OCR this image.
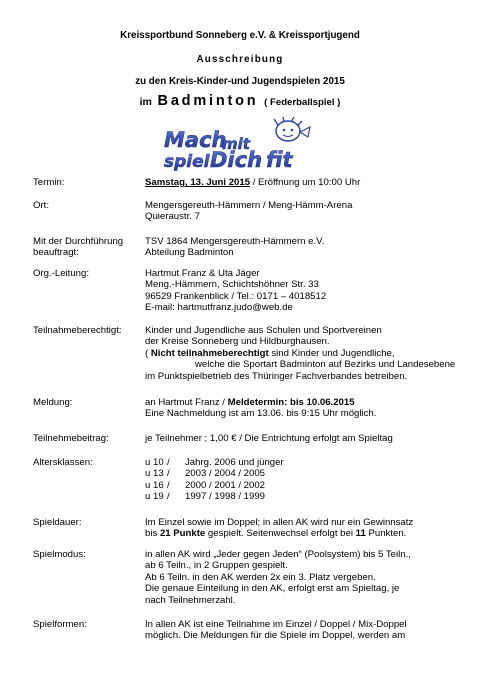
Kreissportbund Sonneberg e.V. & Kreissportjugend
Ausschreibung
zu den Kreis-Kinder-und Jugendspielen 2015
im Badminton ( Federballspiel )
Mach
mit
spiel Dich fit
Termin:	Samstag, 13. Juni 2015 / Eröffnung um 10:00 Uhr
Ort:	Mengersgereuth-Hämmern / Meng-Hämm-Arena
Quieraustr. 7
Mit der Durchführung
beauftragt:
TSV 1864 Mengersgereuth-Hämmern e.V.
Abteilung Badminton
Org.-Leitung:	Hartmut Franz & Uta Jäger
Meng.-Hämmern, Schichtshöhner Str. 33
96529 Frankenblick / Tel.: 0171 – 4018512
E-mail: hartmutfranz.judo@web.de
Teilnahmeberechtigt:	Kinder und Jugendliche aus Schulen und Sportvereinen
der Kreise Sonneberg und Hildburghausen.
( Nicht teilnahmeberechtigt sind Kinder und Jugendliche,
welche die Sportart Badminton auf Bezirks und Landesebene
im Punktspielbetrieb des Thüringer Fachverbandes betreiben.
Meldung:	an Hartmut Franz / Meldetermin: bis 10.06.2015
Eine Nachmeldung ist am 13.06. bis 9:15 Uhr möglich.
Teilnehmebeitrag:	je Teilnehmer ; 1,00 € / Die Entrichtung erfolgt am Spieltag
Altersklassen:	u 10 / Jahrg. 2006 und jünger
u 13 / 2003 / 2004 / 2005
u 16 / 2000 / 2001 / 2002
u 19 / 1997 / 1998 / 1999
Spieldauer:	Im Einzel sowie im Doppel; in allen AK wird nur ein Gewinnsatz
bis 21 Punkte gespielt. Seitenwechsel erfolgt bei 11 Punkten.
Spielmodus:	in allen AK wird „Jeder gegen Jeden“ (Poolsystem) bis 5 Teiln.,
ab 6 Teiln., in 2 Gruppen gespielt.
Ab 6 Teiln. in den AK werden 2x ein 3. Platz vergeben.
Die genaue Einteilung in den AK, erfolgt erst am Spieltag, je
nach Teilnehmerzahl.
Spielformen:	In allen AK ist eine Teilnahme im Einzel / Doppel / Mix-Doppel
möglich. Die Meldungen für die Spiele im Doppel, werden am
